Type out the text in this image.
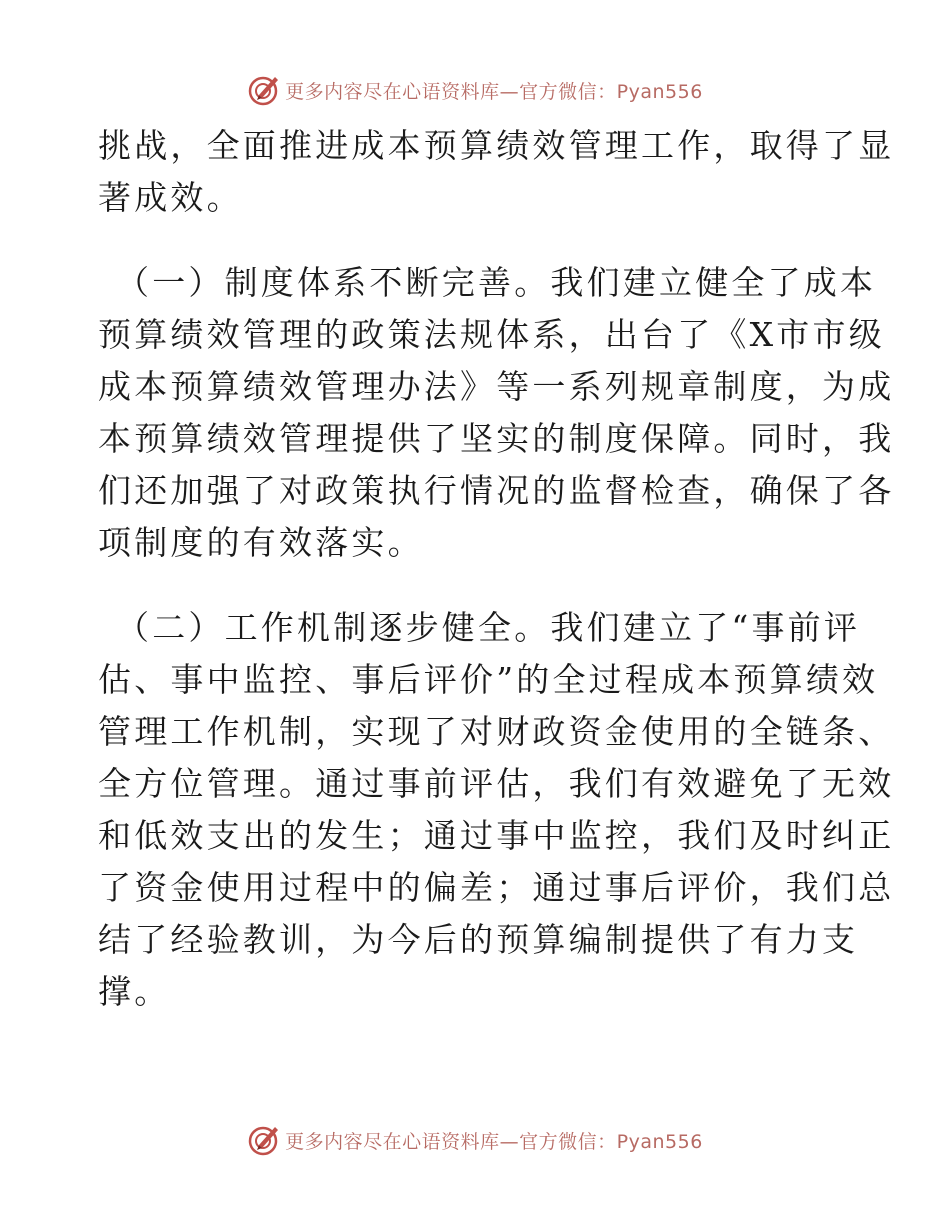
更多内容尽在心语资料库—官方微信：Pyan556
挑战，全面推进成本预算绩效管理工作，取得了显
著成效。
（一）制度体系不断完善。我们建立健全了成本
预算绩效管理的政策法规体系，出台了《X市市级
成本预算绩效管理办法》等一系列规章制度，为成
本预算绩效管理提供了坚实的制度保障。同时，我
们还加强了对政策执行情况的监督检查，确保了各
项制度的有效落实。
（二）工作机制逐步健全。我们建立了“事前评
估、事中监控、事后评价”的全过程成本预算绩效
管理工作机制，实现了对财政资金使用的全链条、
全方位管理。通过事前评估，我们有效避免了无效
和低效支出的发生；通过事中监控，我们及时纠正
了资金使用过程中的偏差；通过事后评价，我们总
结了经验教训，为今后的预算编制提供了有力支
撑。
更多内容尽在心语资料库—官方微信：Pyan556
